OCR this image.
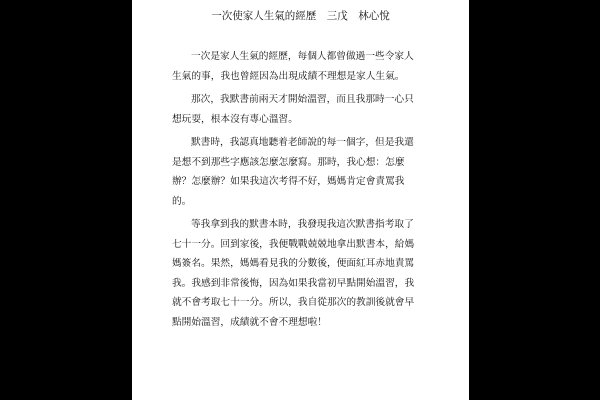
一次使家人生氣的經歷　三戊　林心悅

一次是家人生氣的經歷，每個人都曾做過一些令家人生氣的事，我也曾經因為出現成績不理想是家人生氣。

那次，我默書前兩天才開始溫習，而且我那時一心只想玩耍，根本沒有專心溫習。

默書時，我認真地聽着老師說的每一個字，但是我還是想不到那些字應該怎麼怎麼寫。那時，我心想：怎麼辦？怎麼辦？如果我這次考得不好，媽媽肯定會責罵我的。

等我拿到我的默書本時，我發現我這次默書指考取了七十一分。回到家後，我便戰戰兢兢地拿出默書本，給媽媽簽名。果然，媽媽看見我的分數後，便面紅耳赤地責罵我。我感到非常後悔，因為如果我當初早點開始溫習，我就不會考取七十一分。所以，我自從那次的教訓後就會早點開始溫習，成績就不會不理想啦！
